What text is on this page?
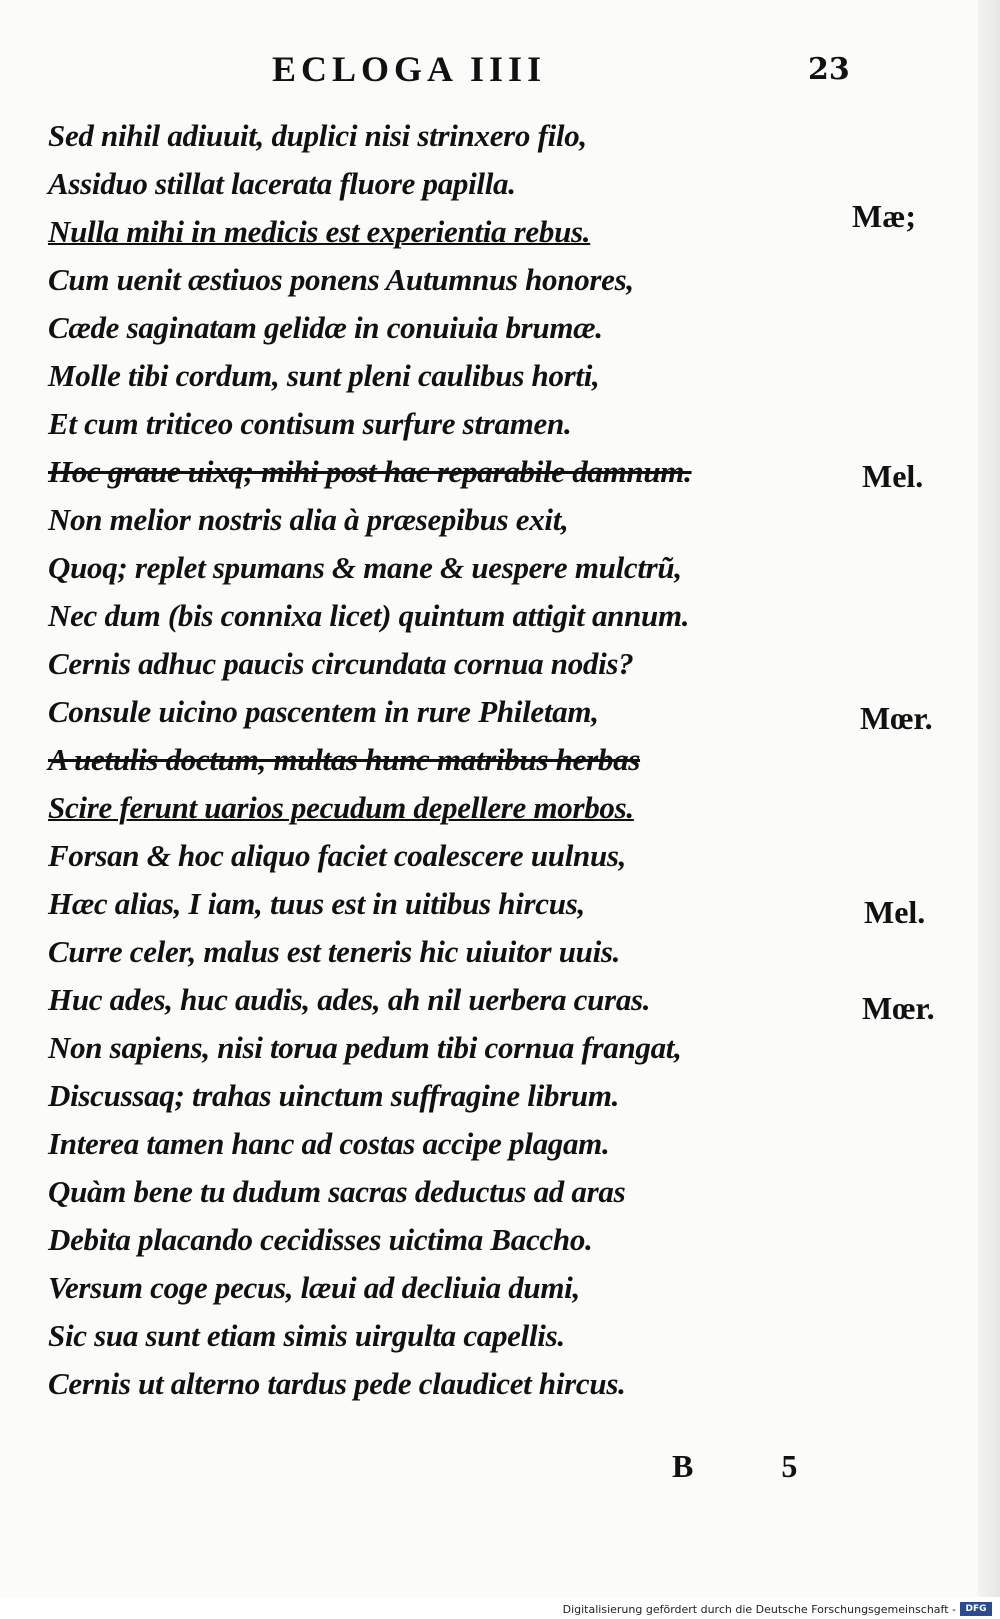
ECLOGA IIII	23
Sed nihil adiuuit, duplici nisi strinxero filo,
Assiduo stillat lacerata fluore papilla.
Nulla mihi in medicis est experientia rebus.
Cum uenit æstiuos ponens Autumnus honores,
Cæde saginatam gelidæ in conuiuia brumæ.
Molle tibi cordum, sunt pleni caulibus horti,
Et cum triticeo contisum surfure stramen.
Hoc graue uixq; mihi post hac reparabile damnum.
Non melior nostris alia à præsepibus exit,
Quoq; replet spumans & mane & uespere mulctrũ,
Nec dum (bis connixa licet) quintum attigit annum.
Cernis adhuc paucis circundata cornua nodis?
Consule uicino pascentem in rure Philetam,
A uetulis doctum, multas hunc matribus herbas
Scire ferunt uarios pecudum depellere morbos.
Forsan & hoc aliquo faciet coalescere uulnus,
Hæc alias, I iam, tuus est in uitibus hircus,
Curre celer, malus est teneris hic uiuitor uuis.
Huc ades, huc audis, ades, ah nil uerbera curas.
Non sapiens, nisi torua pedum tibi cornua frangat,
Discussaq; trahas uinctum suffragine librum.
Interea tamen hanc ad costas accipe plagam.
Quàm bene tu dudum sacras deductus ad aras
Debita placando cecidisses uictima Baccho.
Versum coge pecus, læui ad decliuia dumi,
Sic sua sunt etiam simis uirgulta capellis.
Cernis ut alterno tardus pede claudicet hircus.
Mæ;
Mel.
Mœr.
Mel.
Mœr.
B 5
Digitalisierung gefördert durch die Deutsche Forschungsgemeinschaft -	DFG
